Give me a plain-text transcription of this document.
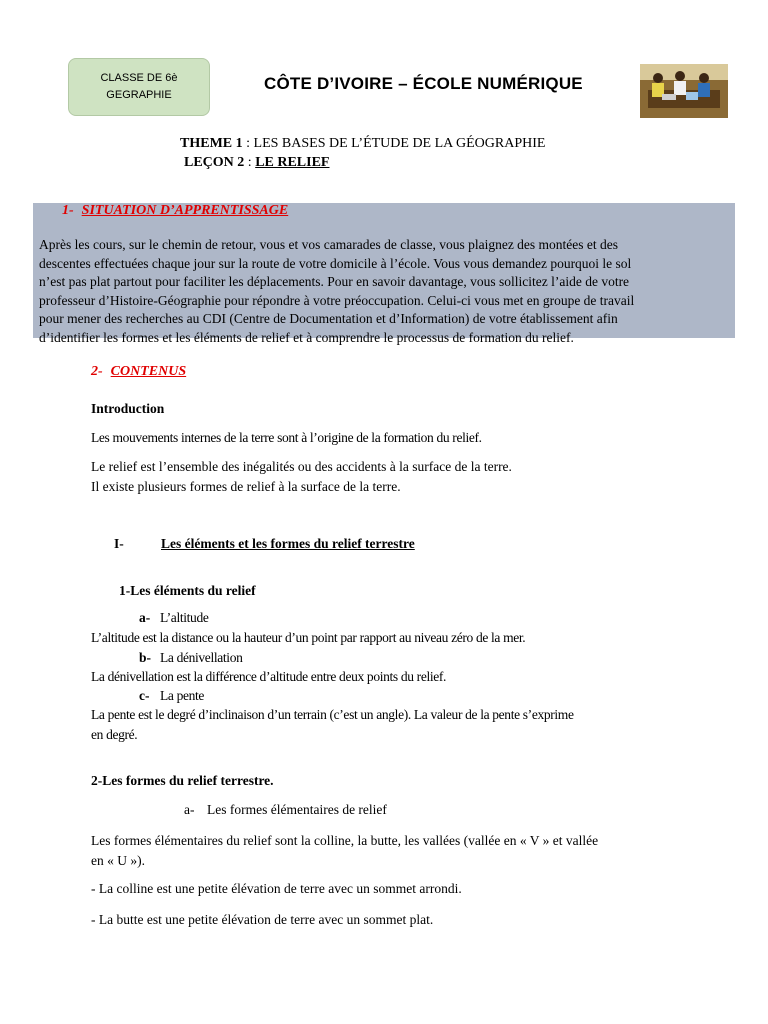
CLASSE DE 6è
GEGRAPHIE
CÔTE D’IVOIRE – ÉCOLE NUMÉRIQUE
THEME 1 : LES BASES DE L’ÉTUDE DE LA GÉOGRAPHIE
LEÇON 2 : LE RELIEF
1- SITUATION D’APPRENTISSAGE
Après les cours, sur le chemin de retour, vous et vos camarades de classe, vous plaignez des montées et des
descentes effectuées chaque jour sur la route de votre domicile à l’école. Vous vous demandez pourquoi le sol
n’est pas plat partout pour faciliter les déplacements. Pour en savoir davantage, vous sollicitez l’aide de votre
professeur d’Histoire-Géographie pour répondre à votre préoccupation. Celui-ci vous met en groupe de travail
pour mener des recherches au CDI (Centre de Documentation et d’Information) de votre établissement afin
d’identifier les formes et les éléments de relief et à comprendre le processus de formation du relief.
2- CONTENUS
Introduction
Les mouvements internes de la terre sont à l’origine de la formation du relief.
Le relief est l’ensemble des inégalités ou des accidents à la surface de la terre.
Il existe plusieurs formes de relief à la surface de la terre.
I-	Les éléments et les formes du relief terrestre
1-Les éléments du relief
a- L’altitude
L’altitude est la distance ou la hauteur d’un point par rapport au niveau zéro de la mer.
b- La dénivellation
La dénivellation est la différence d’altitude entre deux points du relief.
c- La pente
La pente est le degré d’inclinaison d’un terrain (c’est un angle). La valeur de la pente s’exprime
en degré.
2-Les formes du relief terrestre.
a- Les formes élémentaires de relief
Les formes élémentaires du relief sont la colline, la butte, les vallées (vallée en « V » et vallée
en « U »).
- La colline est une petite élévation de terre avec un sommet arrondi.
- La butte est une petite élévation de terre avec un sommet plat.
